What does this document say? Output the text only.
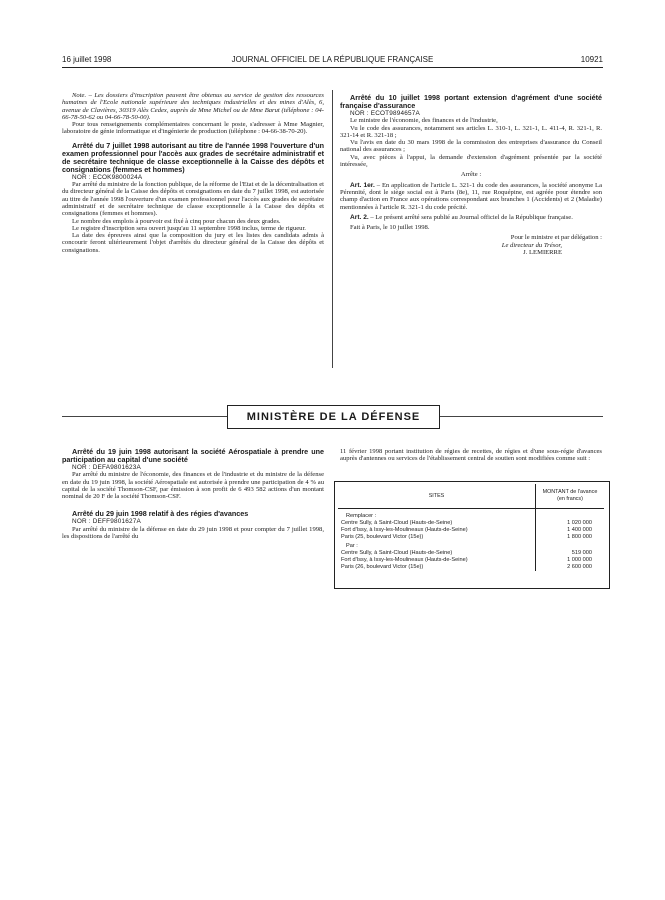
16 juillet 1998	JOURNAL OFFICIEL DE LA RÉPUBLIQUE FRANÇAISE	10921

Note. – Les dossiers d'inscription peuvent être obtenus au service de gestion des ressources humaines de l'Ecole nationale supérieure des techniques industrielles et des mines d'Alès, 6, avenue de Clavières, 30319 Alès Cedex, auprès de Mme Michel ou de Mme Barut (téléphone : 04-66-78-50-62 ou 04-66-78-50-00).

Pour tous renseignements complémentaires concernant le poste, s'adresser à Mme Magnier, laboratoire de génie informatique et d'ingénierie de production (téléphone : 04-66-38-70-20).

Arrêté du 7 juillet 1998 autorisant au titre de l'année 1998 l'ouverture d'un examen professionnel pour l'accès aux grades de secrétaire administratif et de secrétaire technique de classe exceptionnelle à la Caisse des dépôts et consignations (femmes et hommes)

NOR : ECOK9800024A

Par arrêté du ministre de la fonction publique, de la réforme de l'Etat et de la décentralisation et du directeur général de la Caisse des dépôts et consignations en date du 7 juillet 1998, est autorisée au titre de l'année 1998 l'ouverture d'un examen professionnel pour l'accès aux grades de secrétaire administratif et de secrétaire technique de classe exceptionnelle à la Caisse des dépôts et consignations (femmes et hommes).

Le nombre des emplois à pourvoir est fixé à cinq pour chacun des deux grades.

Le registre d'inscription sera ouvert jusqu'au 11 septembre 1998 inclus, terme de rigueur.

La date des épreuves ainsi que la composition du jury et les listes des candidats admis à concourir feront ultérieurement l'objet d'arrêtés du directeur général de la Caisse des dépôts et consignations.

Arrêté du 10 juillet 1998 portant extension d'agrément d'une société française d'assurance

NOR : ECOT9894657A

Le ministre de l'économie, des finances et de l'industrie,

Vu le code des assurances, notamment ses articles L. 310-1, L. 321-1, L. 411-4, R. 321-1, R. 321-14 et R. 321-18 ;

Vu l'avis en date du 30 mars 1998 de la commission des entreprises d'assurance du Conseil national des assurances ;

Vu, avec pièces à l'appui, la demande d'extension d'agrément présentée par la société intéressée,

Arrête :

Art. 1er. – En application de l'article L. 321-1 du code des assurances, la société anonyme La Pérennité, dont le siège social est à Paris (8e), 11, rue Roquépine, est agréée pour étendre son champ d'action en France aux opérations correspondant aux branches 1 (Accidents) et 2 (Maladie) mentionnées à l'article R. 321-1 du code précité.

Art. 2. – Le présent arrêté sera publié au Journal officiel de la République française.

Fait à Paris, le 10 juillet 1998.

Pour le ministre et par délégation :

Le directeur du Trésor,

J. LEMIERRE

MINISTÈRE DE LA DÉFENSE

Arrêté du 19 juin 1998 autorisant la société Aérospatiale à prendre une participation au capital d'une société

NOR : DEFA9801623A

Par arrêté du ministre de l'économie, des finances et de l'industrie et du ministre de la défense en date du 19 juin 1998, la société Aérospatiale est autorisée à prendre une participation de 4 % au capital de la société Thomson-CSF, par émission à son profit de 6 493 582 actions d'un montant nominal de 20 F de la société Thomson-CSF.

Arrêté du 29 juin 1998 relatif à des régies d'avances

NOR : DEFF9801627A

Par arrêté du ministre de la défense en date du 29 juin 1998 et pour compter du 7 juillet 1998, les dispositions de l'arrêté du

11 février 1998 portant institution de régies de recettes, de régies et d'une sous-régie d'avances auprès d'antennes ou services de l'établissement central de soutien sont modifiées comme suit :

SITES	MONTANT de l'avance (en francs)
Remplacer :	
Centre Sully, à Saint-Cloud (Hauts-de-Seine)	1 020 000
Fort d'Issy, à Issy-les-Moulineaux (Hauts-de-Seine)	1 400 000
Paris (25, boulevard Victor (15e))	1 800 000
Par :	
Centre Sully, à Saint-Cloud (Hauts-de-Seine)	519 000
Fort d'Issy, à Issy-les-Moulineaux (Hauts-de-Seine)	1 000 000
Paris (26, boulevard Victor (15e))	2 600 000
